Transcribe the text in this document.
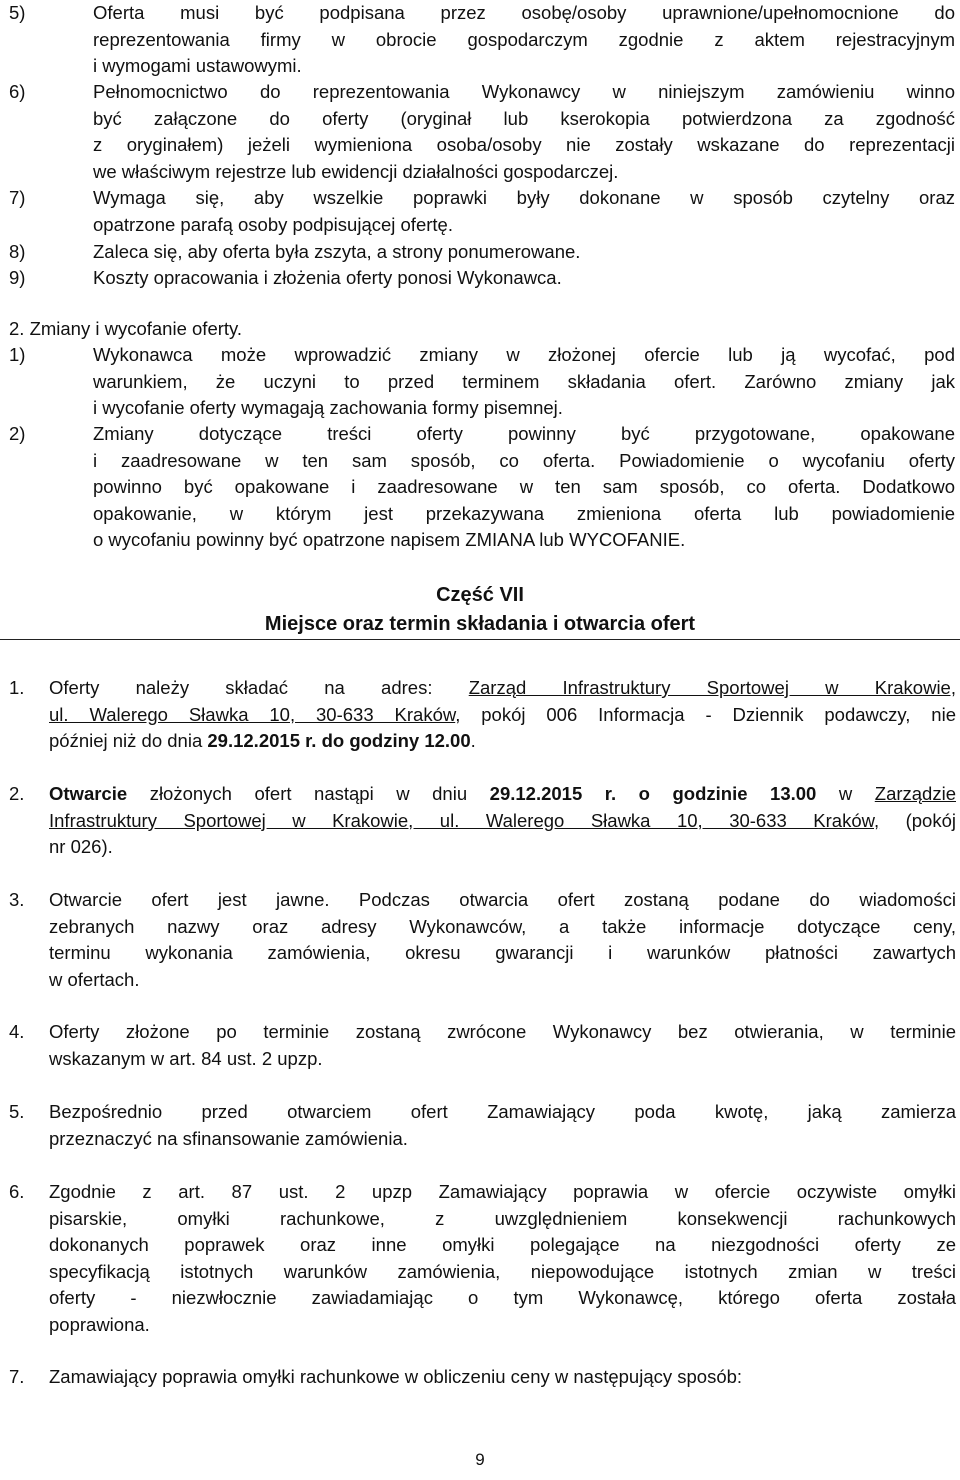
5)	Oferta musi być podpisana przez osobę/osoby uprawnione/upełnomocnione do
reprezentowania firmy w obrocie gospodarczym zgodnie z aktem rejestracyjnym
i wymogami ustawowymi.
6)	Pełnomocnictwo do reprezentowania Wykonawcy w niniejszym zamówieniu winno
być załączone do oferty (oryginał lub kserokopia potwierdzona za zgodność
z oryginałem) jeżeli wymieniona osoba/osoby nie zostały wskazane do reprezentacji
we właściwym rejestrze lub ewidencji działalności gospodarczej.
7)	Wymaga się, aby wszelkie poprawki były dokonane w sposób czytelny oraz
opatrzone parafą osoby podpisującej ofertę.
8)	Zaleca się, aby oferta była zszyta, a strony ponumerowane.
9)	Koszty opracowania i złożenia oferty ponosi Wykonawca.
2. Zmiany i wycofanie oferty.
1)	Wykonawca może wprowadzić zmiany w złożonej ofercie lub ją wycofać, pod
warunkiem, że uczyni to przed terminem składania ofert. Zarówno zmiany jak
i wycofanie oferty wymagają zachowania formy pisemnej.
2)	Zmiany dotyczące treści oferty powinny być przygotowane, opakowane
i zaadresowane w ten sam sposób, co oferta. Powiadomienie o wycofaniu oferty
powinno być opakowane i zaadresowane w ten sam sposób, co oferta. Dodatkowo
opakowanie, w którym jest przekazywana zmieniona oferta lub powiadomienie
o wycofaniu powinny być opatrzone napisem ZMIANA lub WYCOFANIE.
Część VII
Miejsce oraz termin składania i otwarcia ofert
1. Oferty należy składać na adres: Zarząd Infrastruktury Sportowej w Krakowie,
ul. Walerego Sławka 10, 30-633 Kraków, pokój 006 Informacja - Dziennik podawczy, nie
później niż do dnia 29.12.2015 r. do godziny 12.00.
2. Otwarcie złożonych ofert nastąpi w dniu 29.12.2015 r. o godzinie 13.00 w Zarządzie
Infrastruktury Sportowej w Krakowie, ul. Walerego Sławka 10, 30-633 Kraków, (pokój
nr 026).
3. Otwarcie ofert jest jawne. Podczas otwarcia ofert zostaną podane do wiadomości
zebranych nazwy oraz adresy Wykonawców, a także informacje dotyczące ceny,
terminu wykonania zamówienia, okresu gwarancji i warunków płatności zawartych
w ofertach.
4. Oferty złożone po terminie zostaną zwrócone Wykonawcy bez otwierania, w terminie
wskazanym w art. 84 ust. 2 upzp.
5. Bezpośrednio przed otwarciem ofert Zamawiający poda kwotę, jaką zamierza
przeznaczyć na sfinansowanie zamówienia.
6. Zgodnie z art. 87 ust. 2 upzp Zamawiający poprawia w ofercie oczywiste omyłki
pisarskie, omyłki rachunkowe, z uwzględnieniem konsekwencji rachunkowych
dokonanych poprawek oraz inne omyłki polegające na niezgodności oferty ze
specyfikacją istotnych warunków zamówienia, niepowodujące istotnych zmian w treści
oferty - niezwłocznie zawiadamiając o tym Wykonawcę, którego oferta została
poprawiona.
7. Zamawiający poprawia omyłki rachunkowe w obliczeniu ceny w następujący sposób:
9
